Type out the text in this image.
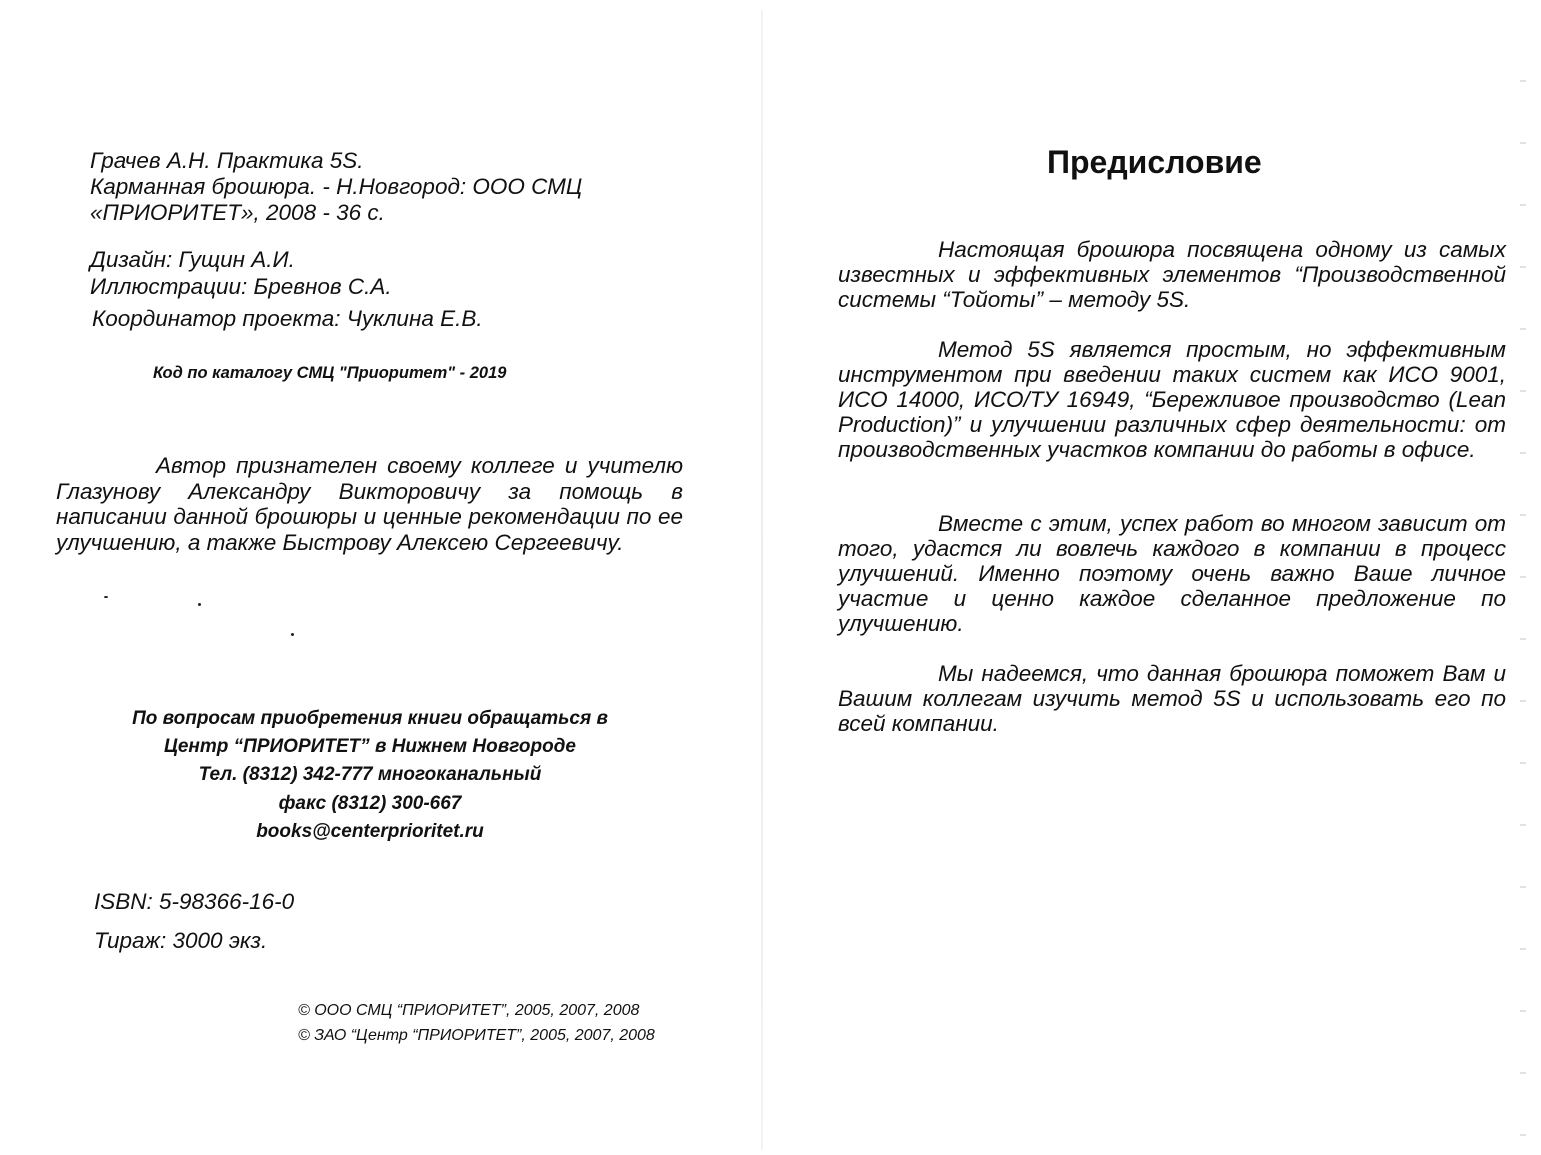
Грачев А.Н. Практика 5S.
Карманная брошюра. - Н.Новгород: ООО СМЦ
«ПРИОРИТЕТ», 2008 - 36 с.
Дизайн: Гущин А.И.
Иллюстрации: Бревнов С.А.
Координатор проекта: Чуклина Е.В.
Код по каталогу СМЦ "Приоритет" - 2019
Автор признателен своему коллеге и учителю Глазунову Александру Викторовичу за помощь в написании данной брошюры и ценные рекомендации по ее улучшению, а также Быстрову Алексею Сергеевичу.
По вопросам приобретения книги обращаться в
Центр “ПРИОРИТЕТ” в Нижнем Новгороде
Тел. (8312) 342-777 многоканальный
факс (8312) 300-667
books@centerprioritet.ru
ISBN: 5-98366-16-0
Тираж: 3000 экз.
© ООО СМЦ “ПРИОРИТЕТ”, 2005, 2007, 2008
© ЗАО “Центр “ПРИОРИТЕТ”, 2005, 2007, 2008
Предисловие
Настоящая брошюра посвящена одному из самых известных и эффективных элементов “Производственной системы “Тойоты” – методу 5S.
Метод 5S является простым, но эффективным инструментом при введении таких систем как ИСО 9001, ИСО 14000, ИСО/ТУ 16949, “Бережливое производство (Lean Production)” и улучшении различных сфер деятельности: от производственных участков компании до работы в офисе.
Вместе с этим, успех работ во многом зависит от того, удастся ли вовлечь каждого в компании в процесс улучшений. Именно поэтому очень важно Ваше личное участие и ценно каждое сделанное предложение по улучшению.
Мы надеемся, что данная брошюра поможет Вам и Вашим коллегам изучить метод 5S и использовать его по всей компании.
